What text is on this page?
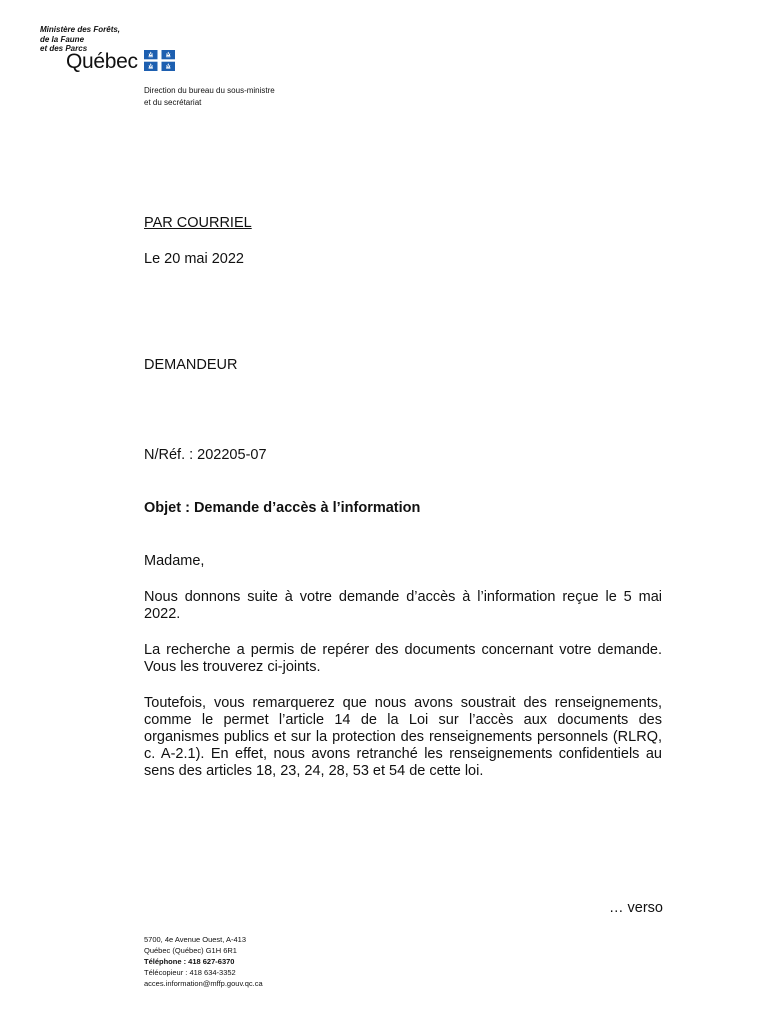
Ministère des Forêts,
de la Faune
et des Parcs
Québec
Direction du bureau du sous-ministre
et du secrétariat
PAR COURRIEL
Le 20 mai 2022
DEMANDEUR
N/Réf. : 202205-07
Objet : Demande d’accès à l’information
Madame,
Nous donnons suite à votre demande d’accès à l’information reçue le 5 mai 2022.
La recherche a permis de repérer des documents concernant votre demande. Vous les trouverez ci-joints.
Toutefois, vous remarquerez que nous avons soustrait des renseignements, comme le permet l’article 14 de la Loi sur l’accès aux documents des organismes publics et sur la protection des renseignements personnels (RLRQ, c. A-2.1). En effet, nous avons retranché les renseignements confidentiels au sens des articles 18, 23, 24, 28, 53 et 54 de cette loi.
… verso
5700, 4e Avenue Ouest, A-413
Québec (Québec) G1H 6R1
Téléphone : 418 627-6370
Télécopieur : 418 634-3352
acces.information@mffp.gouv.qc.ca
